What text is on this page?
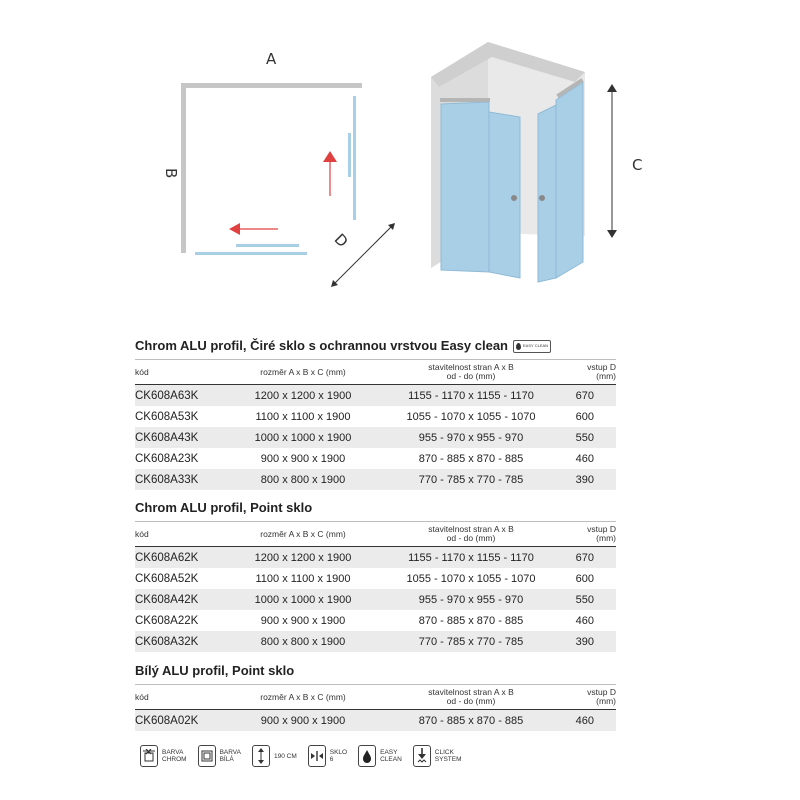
A
B
D
C
Chrom ALU profil, Čiré sklo s ochrannou vrstvou Easy clean	EASY CLEAN
kód	rozměr A x B x C (mm)	stavitelnost stran A x B
od - do (mm)	vstup D (mm)
CK608A63K	1200 x 1200 x 1900	1155 - 1170 x 1155 - 1170	670
CK608A53K	1100 x 1100 x 1900	1055 - 1070 x 1055 - 1070	600
CK608A43K	1000 x 1000 x 1900	955 - 970 x 955 - 970	550
CK608A23K	900 x 900 x 1900	870 - 885 x 870 - 885	460
CK608A33K	800 x 800 x 1900	770 - 785 x 770 - 785	390
Chrom ALU profil, Point sklo
kód	rozměr A x B x C (mm)	stavitelnost stran A x B
od - do (mm)	vstup D (mm)
CK608A62K	1200 x 1200 x 1900	1155 - 1170 x 1155 - 1170	670
CK608A52K	1100 x 1100 x 1900	1055 - 1070 x 1055 - 1070	600
CK608A42K	1000 x 1000 x 1900	955 - 970 x 955 - 970	550
CK608A22K	900 x 900 x 1900	870 - 885 x 870 - 885	460
CK608A32K	800 x 800 x 1900	770 - 785 x 770 - 785	390
Bílý ALU profil, Point sklo
kód	rozměr A x B x C (mm)	stavitelnost stran A x B
od - do (mm)	vstup D (mm)
CK608A02K	900 x 900 x 1900	870 - 885 x 870 - 885	460
BARVA
CHROM
BARVA
BÍLÁ	190 CM	SKLO
6
EASY
CLEAN
CLICK
SYSTEM
